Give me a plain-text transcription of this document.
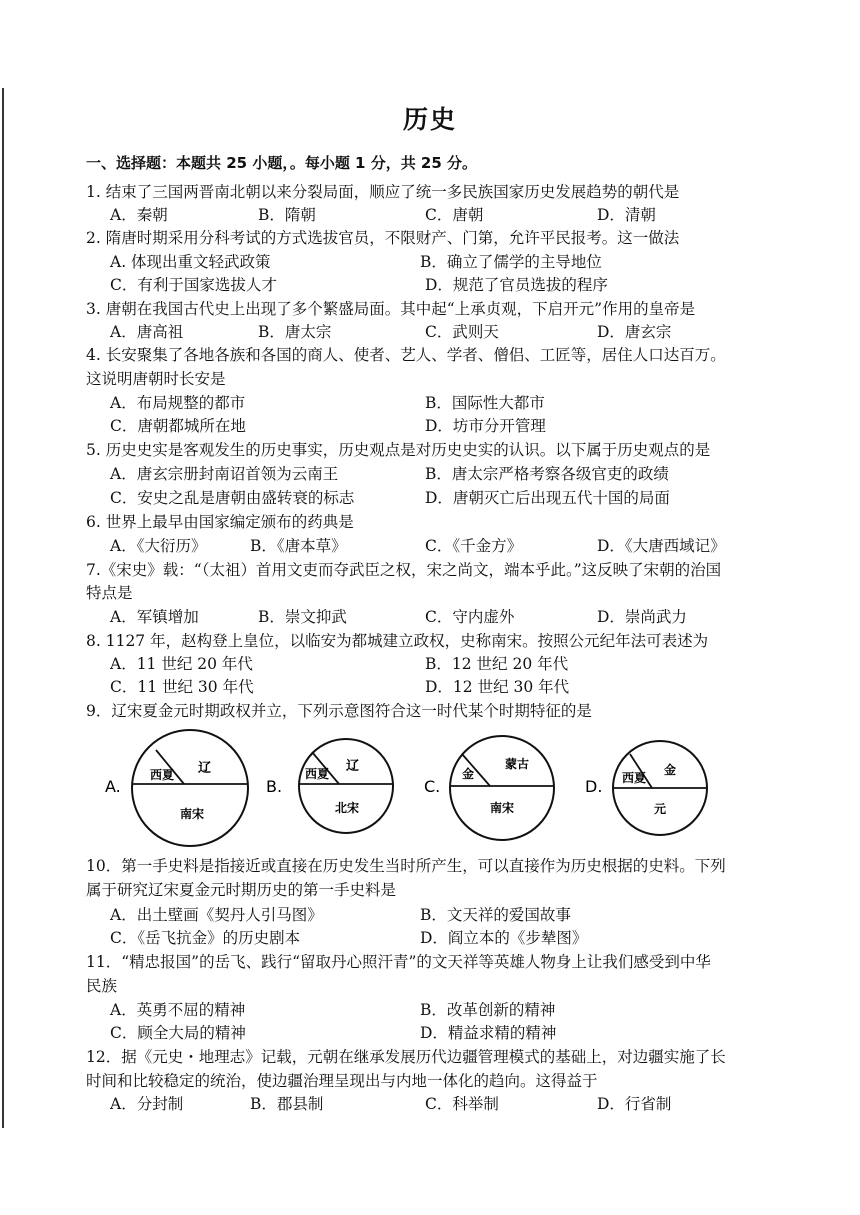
历史
一、选择题：本题共 25 小题，。每小题 1 分，共 25 分。
1. 结束了三国两晋南北朝以来分裂局面，顺应了统一多民族国家历史发展趋势的朝代是
A．秦朝	B．隋朝	C．唐朝	D．清朝
2. 隋唐时期采用分科考试的方式选拔官员，不限财产、门第，允许平民报考。这一做法
A. 体现出重文轻武政策	B．确立了儒学的主导地位
C．有利于国家选拔人才	D．规范了官员选拔的程序
3. 唐朝在我国古代史上出现了多个繁盛局面。其中起“上承贞观，下启开元”作用的皇帝是
A．唐高祖	B．唐太宗	C．武则天	D．唐玄宗
4. 长安聚集了各地各族和各国的商人、使者、艺人、学者、僧侣、工匠等，居住人口达百万。
这说明唐朝时长安是
A．布局规整的都市	B．国际性大都市
C．唐朝都城所在地	D．坊市分开管理
5. 历史史实是客观发生的历史事实，历史观点是对历史史实的认识。以下属于历史观点的是
A．唐玄宗册封南诏首领为云南王	B．唐太宗严格考察各级官吏的政绩
C．安史之乱是唐朝由盛转衰的标志	D．唐朝灭亡后出现五代十国的局面
6. 世界上最早由国家编定颁布的药典是
A．《大衍历》	B．《唐本草》	C．《千金方》	D．《大唐西域记》
7.《宋史》载：“（太祖）首用文吏而夺武臣之权，宋之尚文，端本乎此。”这反映了宋朝的治国
特点是
A．军镇增加	B．崇文抑武	C．守内虚外	D．崇尚武力
8. 1127 年，赵构登上皇位，以临安为都城建立政权，史称南宋。按照公元纪年法可表述为
A．11 世纪 20 年代	B．12 世纪 20 年代
C．11 世纪 30 年代	D．12 世纪 30 年代
9．辽宋夏金元时期政权并立，下列示意图符合这一时代某个时期特征的是
A.
西夏 辽
南宋
B.
西夏 辽
北宋
C.
金
蒙古
南宋
D. 西夏
金
元
10．第一手史料是指接近或直接在历史发生当时所产生，可以直接作为历史根据的史料。下列
属于研究辽宋夏金元时期历史的第一手史料是
A．出土壁画《契丹人引马图》	B．文天祥的爱国故事
C．《岳飞抗金》的历史剧本	D．阎立本的《步辇图》
11．“精忠报国”的岳飞、践行“留取丹心照汗青”的文天祥等英雄人物身上让我们感受到中华
民族
A．英勇不屈的精神	B．改革创新的精神
C．顾全大局的精神	D．精益求精的精神
12．据《元史・地理志》记载，元朝在继承发展历代边疆管理模式的基础上，对边疆实施了长
时间和比较稳定的统治，使边疆治理呈现出与内地一体化的趋向。这得益于
A．分封制	B．郡县制	C．科举制	D．行省制
